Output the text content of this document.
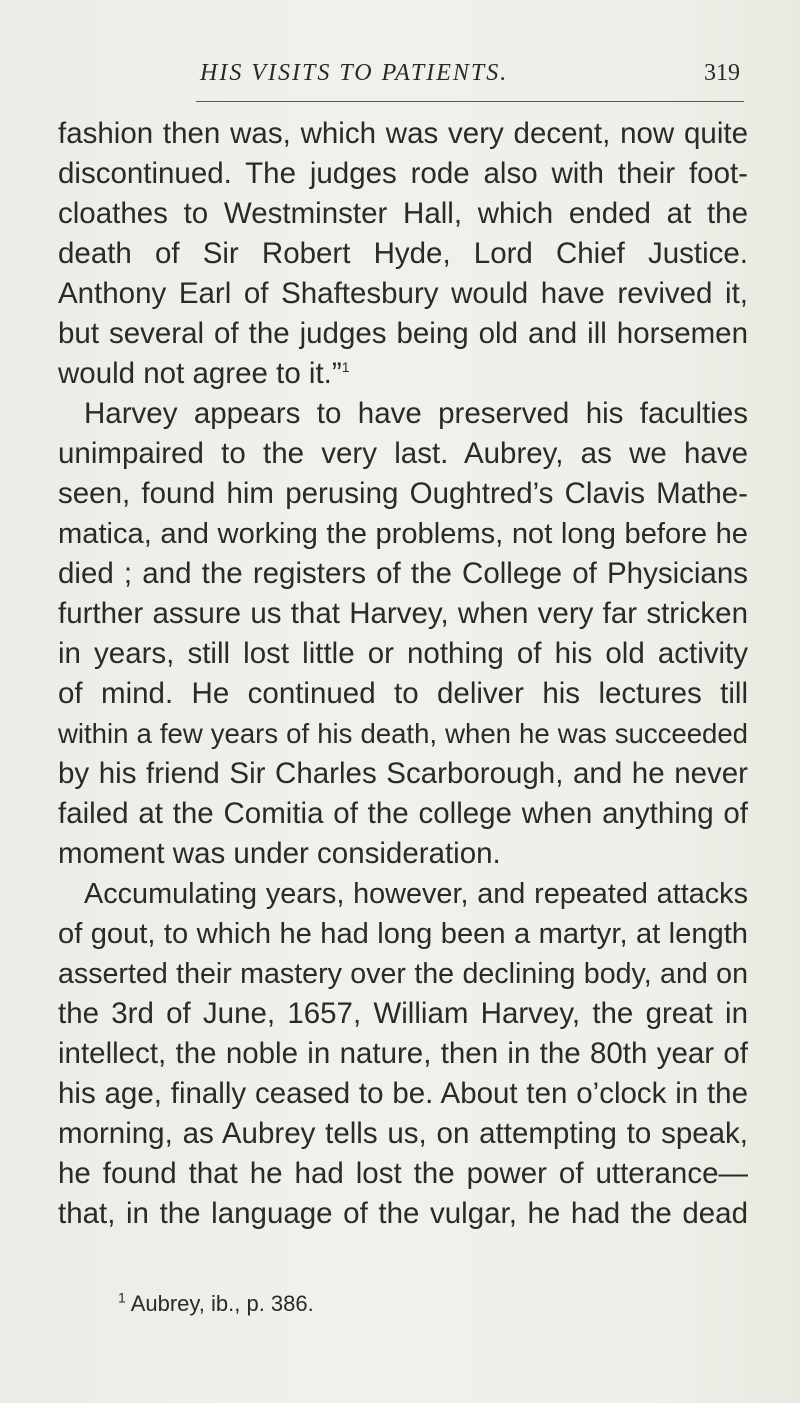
HIS VISITS TO PATIENTS.	319
fashion then was, which was very decent, now quite
discontinued. The judges rode also with their foot-
cloathes to Westminster Hall, which ended at the
death of Sir Robert Hyde, Lord Chief Justice.
Anthony Earl of Shaftesbury would have revived it,
but several of the judges being old and ill horsemen
would not agree to it.”$^1$
Harvey appears to have preserved his faculties
unimpaired to the very last. Aubrey, as we have
seen, found him perusing Oughtred’s Clavis Mathe-
matica, and working the problems, not long before he
died ; and the registers of the College of Physicians
further assure us that Harvey, when very far stricken
in years, still lost little or nothing of his old activity
of mind. He continued to deliver his lectures till
within a few years of his death, when he was succeeded
by his friend Sir Charles Scarborough, and he never
failed at the Comitia of the college when anything of
moment was under consideration.
Accumulating years, however, and repeated attacks
of gout, to which he had long been a martyr, at length
asserted their mastery over the declining body, and on
the 3rd of June, 1657, William Harvey, the great in
intellect, the noble in nature, then in the 80th year of
his age, finally ceased to be. About ten o’clock in the
morning, as Aubrey tells us, on attempting to speak,
he found that he had lost the power of utterance—
that, in the language of the vulgar, he had the dead
$^1$ Aubrey, ib., p. 386.
